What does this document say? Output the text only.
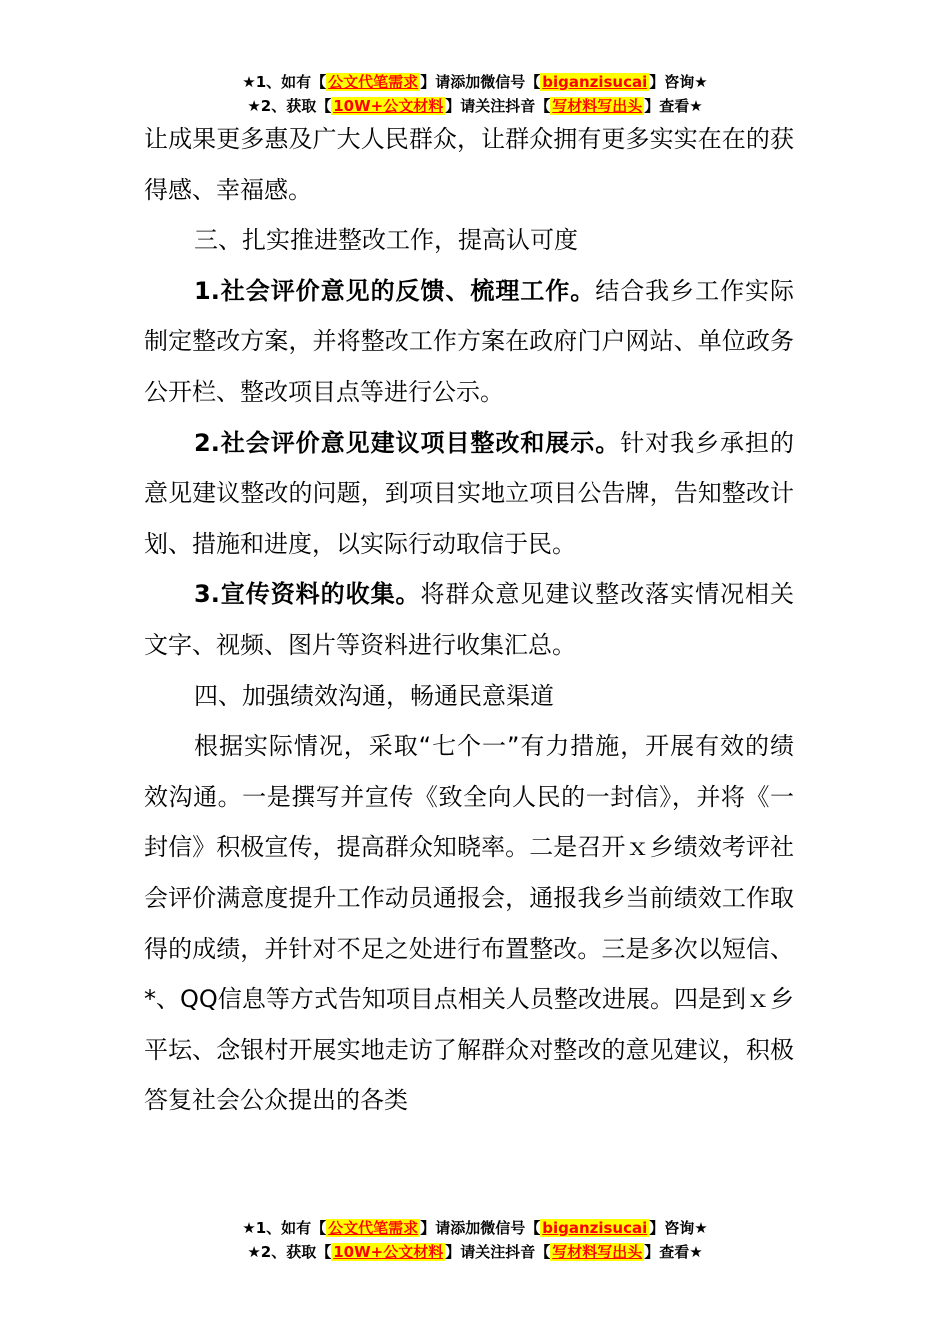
★1、如有【 公文代笔需求 】请添加微信号【 biganzisucai 】咨询★
★2、获取【 10W+公文材料 】请关注抖音【 写材料写出头 】查看★

让成果更多惠及广大人民群众，让群众拥有更多实实在在的获得感、幸福感。

三、扎实推进整改工作，提高认可度

1.社会评价意见的反馈、梳理工作。结合我乡工作实际制定整改方案，并将整改工作方案在政府门户网站、单位政务公开栏、整改项目点等进行公示。

2.社会评价意见建议项目整改和展示。针对我乡承担的意见建议整改的问题，到项目实地立项目公告牌，告知整改计划、措施和进度，以实际行动取信于民。

3.宣传资料的收集。将群众意见建议整改落实情况相关文字、视频、图片等资料进行收集汇总。

四、加强绩效沟通，畅通民意渠道

根据实际情况，采取“七个一”有力措施，开展有效的绩效沟通。一是撰写并宣传《致全向人民的一封信》，并将《一封信》积极宣传，提高群众知晓率。二是召开ｘ乡绩效考评社会评价满意度提升工作动员通报会，通报我乡当前绩效工作取得的成绩，并针对不足之处进行布置整改。三是多次以短信、*、QQ信息等方式告知项目点相关人员整改进展。四是到ｘ乡平坛、念银村开展实地走访了解群众对整改的意见建议，积极答复社会公众提出的各类

★1、如有【 公文代笔需求 】请添加微信号【 biganzisucai 】咨询★
★2、获取【 10W+公文材料 】请关注抖音【 写材料写出头 】查看★
